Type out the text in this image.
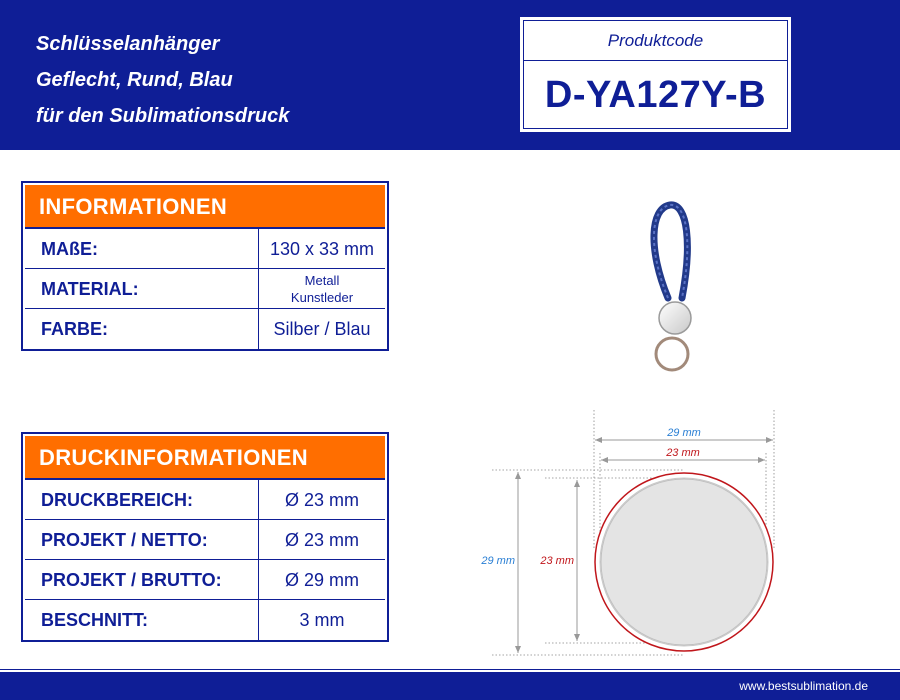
Schlüsselanhänger
Geflecht, Rund, Blau
für den Sublimationsdruck
Produktcode
D-YA127Y-B
INFORMATIONEN
MAßE:	130 x 33 mm
MATERIAL:	Metall
Kunstleder
FARBE:	Silber / Blau
DRUCKINFORMATIONEN
DRUCKBEREICH:	Ø 23 mm
PROJEKT / NETTO:	Ø 23 mm
PROJEKT / BRUTTO:	Ø 29 mm
BESCHNITT:	3 mm
29 mm
23 mm
29 mm 23 mm
www.bestsublimation.de
